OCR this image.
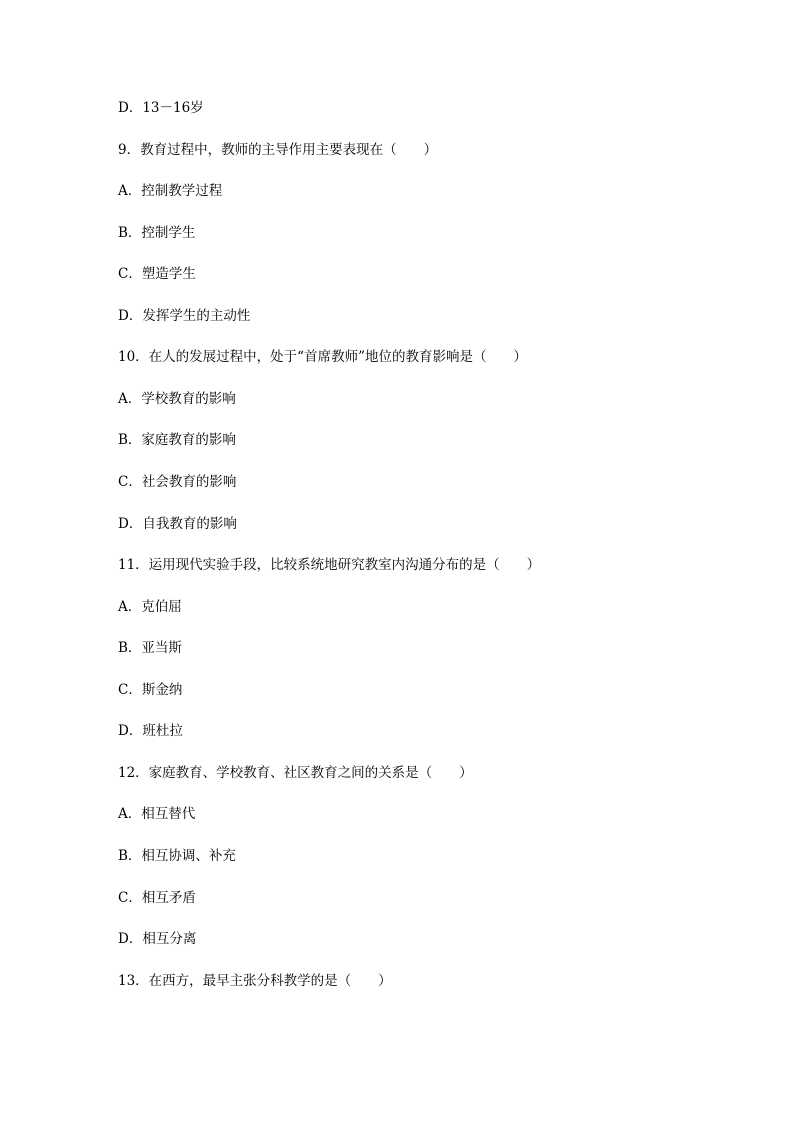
D．13－16岁
9．教育过程中，教师的主导作用主要表现在（　　）
A．控制教学过程
B．控制学生
C．塑造学生
D．发挥学生的主动性
10．在人的发展过程中，处于“首席教师”地位的教育影响是（　　）
A．学校教育的影响
B．家庭教育的影响
C．社会教育的影响
D．自我教育的影响
11．运用现代实验手段，比较系统地研究教室内沟通分布的是（　　）
A．克伯屈
B．亚当斯
C．斯金纳
D．班杜拉
12．家庭教育、学校教育、社区教育之间的关系是（　　）
A．相互替代
B．相互协调、补充
C．相互矛盾
D．相互分离
13．在西方，最早主张分科教学的是（　　）
